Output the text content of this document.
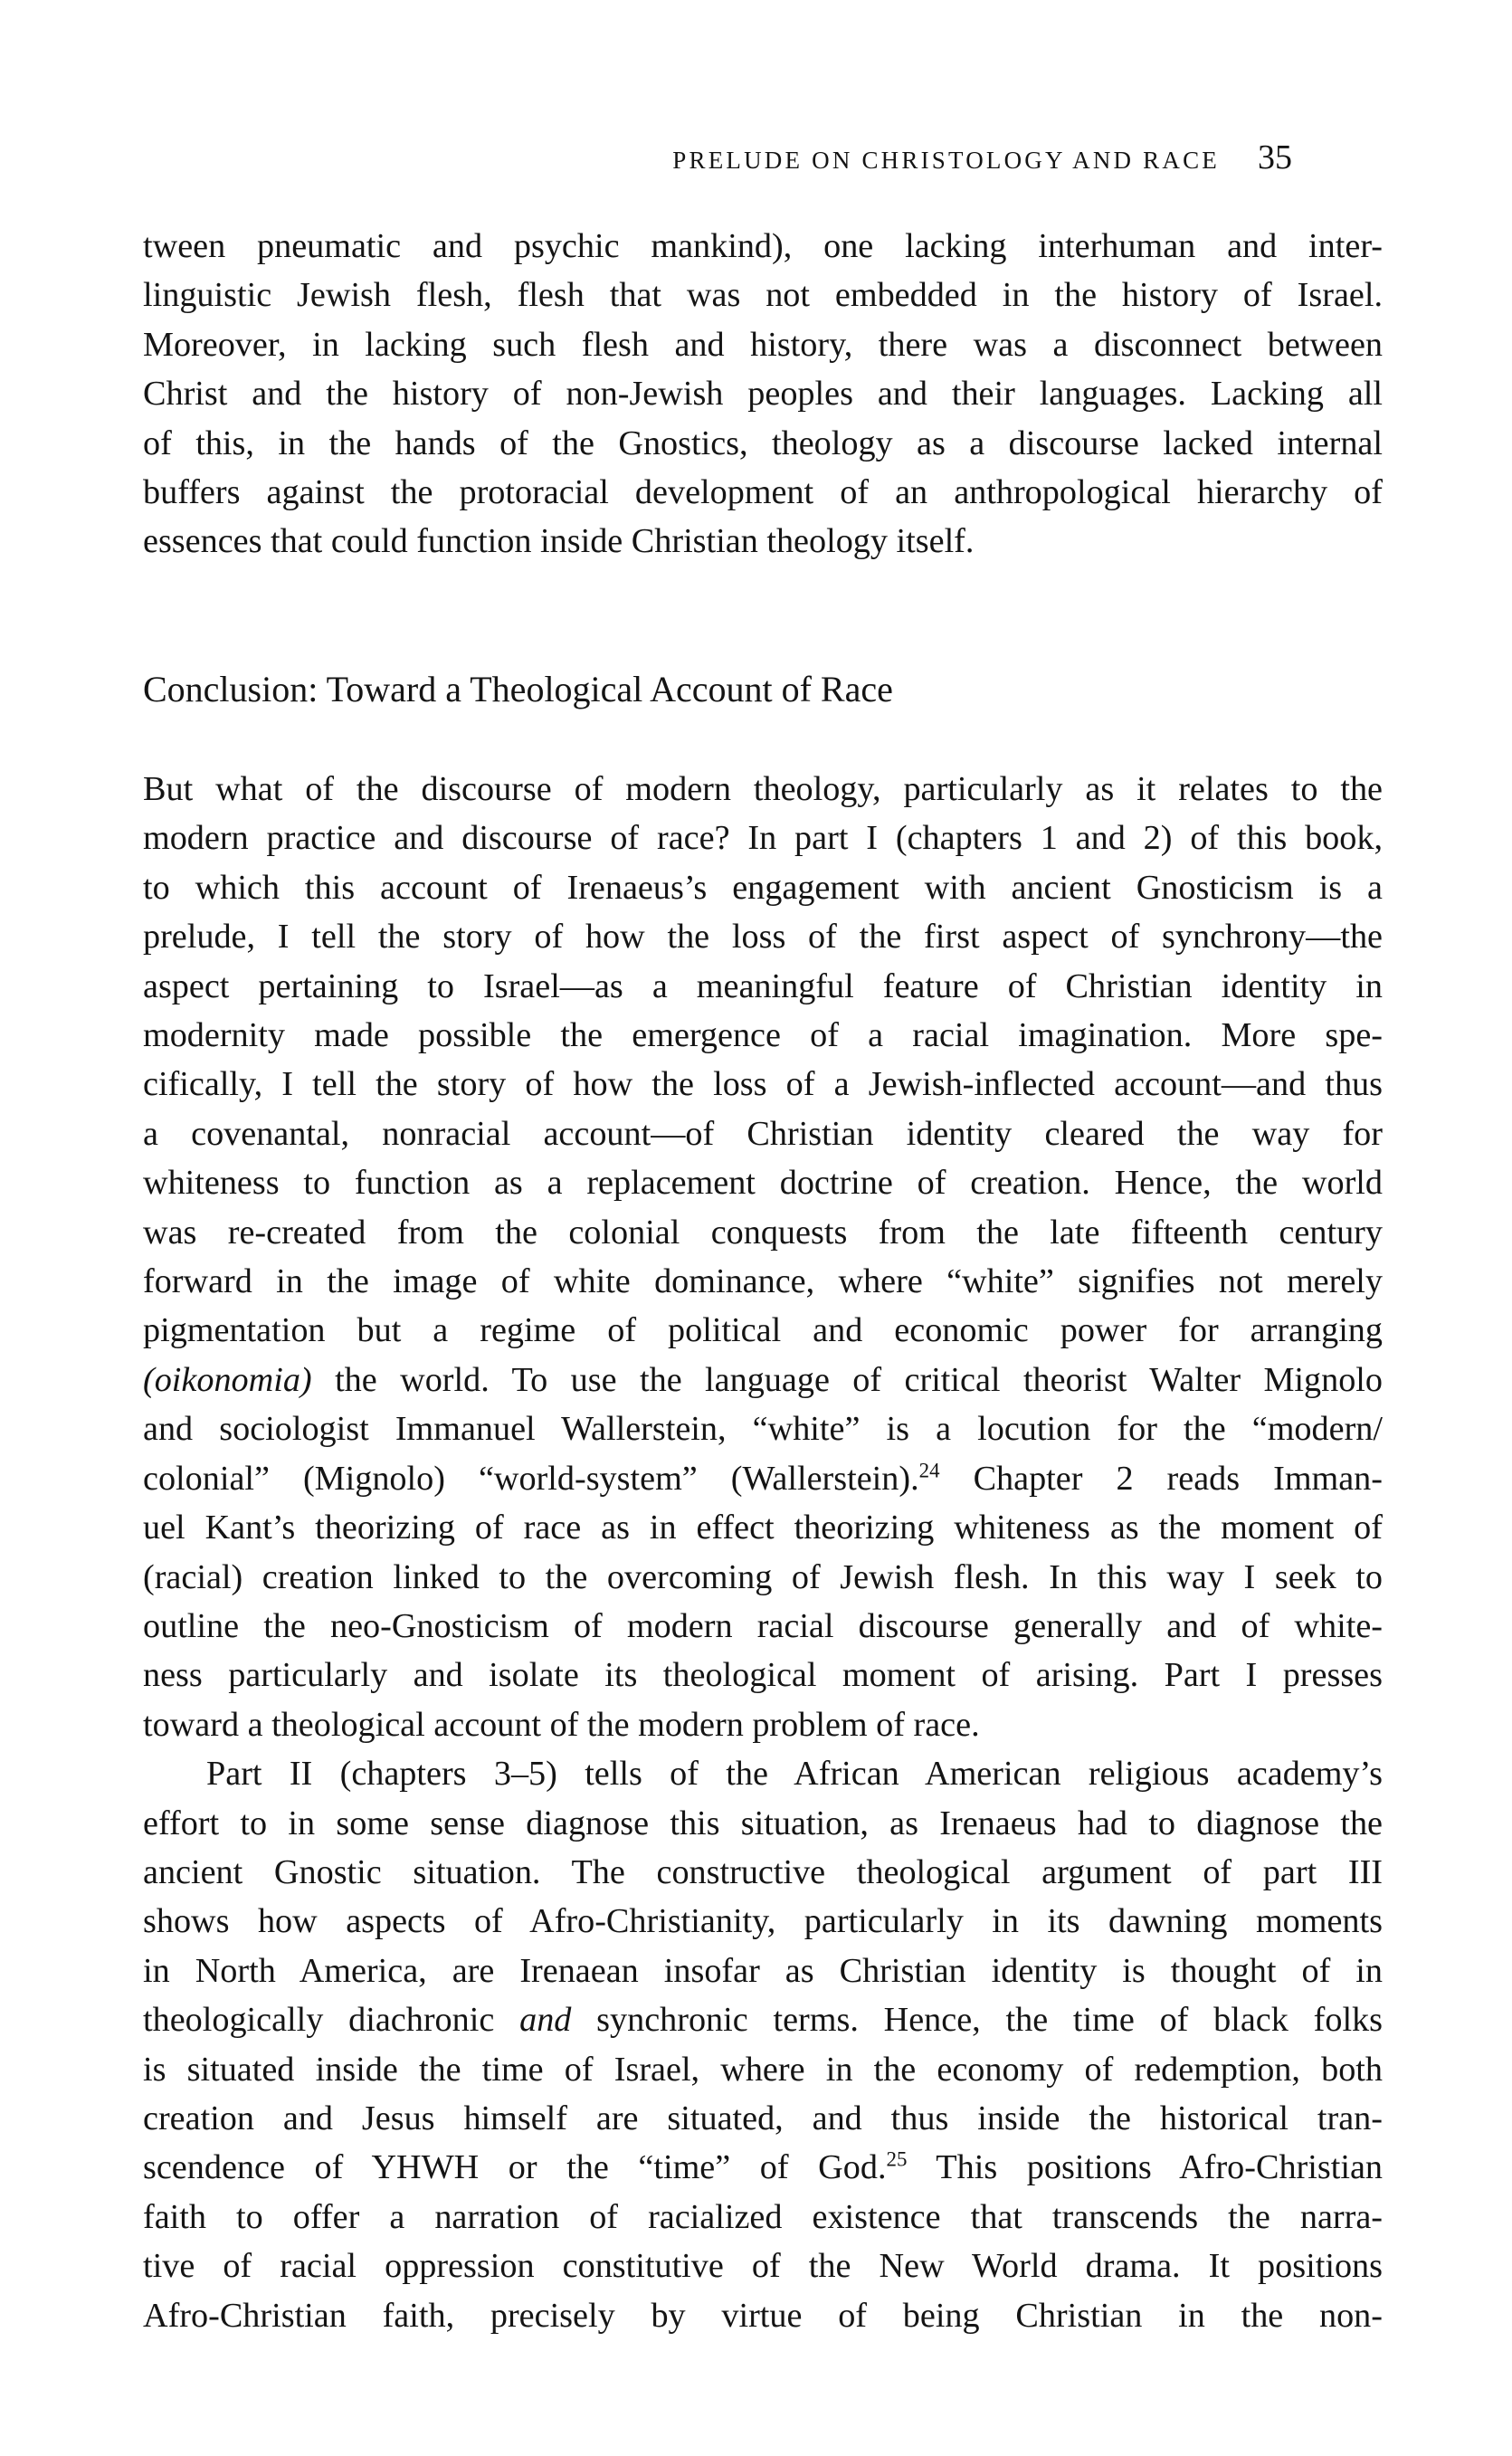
PRELUDE ON CHRISTOLOGY AND RACE 35

tween pneumatic and psychic mankind), one lacking interhuman and inter-
linguistic Jewish flesh, flesh that was not embedded in the history of Israel.
Moreover, in lacking such flesh and history, there was a disconnect between
Christ and the history of non-Jewish peoples and their languages. Lacking all
of this, in the hands of the Gnostics, theology as a discourse lacked internal
buffers against the protoracial development of an anthropological hierarchy of
essences that could function inside Christian theology itself.

Conclusion: Toward a Theological Account of Race

But what of the discourse of modern theology, particularly as it relates to the
modern practice and discourse of race? In part I (chapters 1 and 2) of this book,
to which this account of Irenaeus’s engagement with ancient Gnosticism is a
prelude, I tell the story of how the loss of the first aspect of synchrony—the
aspect pertaining to Israel—as a meaningful feature of Christian identity in
modernity made possible the emergence of a racial imagination. More spe-
cifically, I tell the story of how the loss of a Jewish-inflected account—and thus
a covenantal, nonracial account—of Christian identity cleared the way for
whiteness to function as a replacement doctrine of creation. Hence, the world
was re-created from the colonial conquests from the late fifteenth century
forward in the image of white dominance, where “white” signifies not merely
pigmentation but a regime of political and economic power for arranging
(oikonomia) the world. To use the language of critical theorist Walter Mignolo
and sociologist Immanuel Wallerstein, “white” is a locution for the “modern/
colonial” (Mignolo) “world-system” (Wallerstein).$^{24}$ Chapter 2 reads Imman-
uel Kant’s theorizing of race as in effect theorizing whiteness as the moment of
(racial) creation linked to the overcoming of Jewish flesh. In this way I seek to
outline the neo-Gnosticism of modern racial discourse generally and of white-
ness particularly and isolate its theological moment of arising. Part I presses
toward a theological account of the modern problem of race.

Part II (chapters 3–5) tells of the African American religious academy’s
effort to in some sense diagnose this situation, as Irenaeus had to diagnose the
ancient Gnostic situation. The constructive theological argument of part III
shows how aspects of Afro-Christianity, particularly in its dawning moments
in North America, are Irenaean insofar as Christian identity is thought of in
theologically diachronic and synchronic terms. Hence, the time of black folks
is situated inside the time of Israel, where in the economy of redemption, both
creation and Jesus himself are situated, and thus inside the historical tran-
scendence of YHWH or the “time” of God.$^{25}$ This positions Afro-Christian
faith to offer a narration of racialized existence that transcends the narra-
tive of racial oppression constitutive of the New World drama. It positions
Afro-Christian faith, precisely by virtue of being Christian in the non-
